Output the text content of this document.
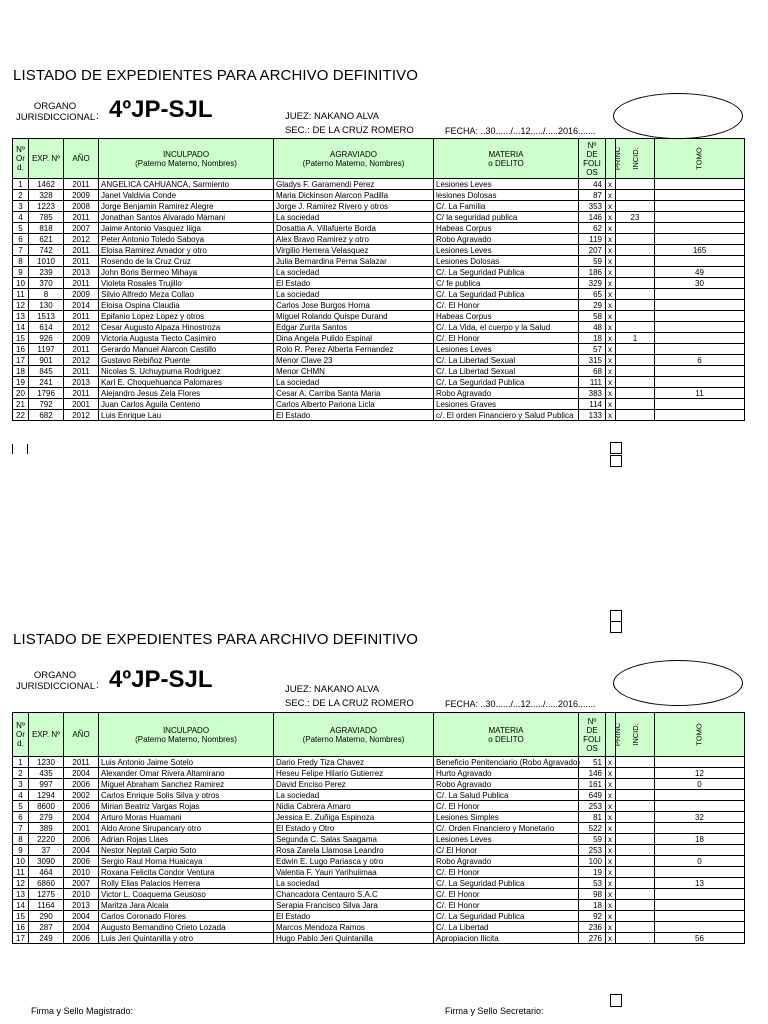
LISTADO DE EXPEDIENTES PARA ARCHIVO DEFINITIVO
ORGANO
JURISDICCIONAL : 4ºJP-SJL	JUEZ: NAKANO ALVA
SEC.: DE LA CRUZ ROMERO	FECHA: ..30....../...12...../.....2016.......
Nº
Or
d.	EXP. Nº	AÑO	INCULPADO
(Paterno Materno, Nombres)	AGRAVIADO
(Paterno Materno, Nombres)	MATERIA
o DELITO	Nº
DE
FOLI
OS	PRINC	INCID.	TOMO
1	1462	2011	ANGELICA CAHUANCA, Sarmiento	Gladys F. Garamendi Perez	Lesiones Leves	44	x		
2	328	2009	Janet Valdivia Conde	Maria Dickinson Alarcon Padilla	lesiones Dolosas	87	x		
3	1223	2008	Jorge Benjamin Ramirez Alegre	Jorge J. Ramirez Rivero y otros	C/. La Familia	353	x		
4	785	2011	Jonathan Santos Alvarado Mamani	La sociedad	C/ la seguridad publica	146	x	23	
5	818	2007	Jaime Antonio Vasquez Iiiga	Dosattia A. Villafuerte Borda	Habeas Corpus	62	x		
6	621	2012	Peter Antonio Toledo Saboya	Alex Bravo Ramirez y otro	Robo Agravado	119	x		
7	742	2011	Eloisa Ramirez Amador y otro	Virgilio Herrera Velasquez	Lesiones Leves	207	x		165
8	1010	2011	Rosendo de la Cruz Cruz	Julia Bernardina Perna Salazar	Lesiones Dolosas	59	x		
9	239	2013	John Boris Bermeo Mihaya	La sociedad	C/. La Seguridad Publica	186	x		49
10	370	2011	Violeta Rosales Trujillo	El Estado	C/ fe publica	329	x		30
11	8	2009	Silvio Alfredo Meza Collao	La sociedad	C/. La Seguridad Publica	65	x		
12	130	2014	Eloisa Ospina Claudia	Carlos Jose Burgos Horna	C/. El Honor	29	x		
13	1513	2011	Epifanio Lopez Lopez y otros	Miguel Rolando Quispe Durand	Habeas Corpus	58	x		
14	614	2012	Cesar Augusto Alpaza Hinostroza	Edgar Zurita Santos	C/. La Vida, el cuerpo y la Salud	48	x		
15	926	2009	Victoria Augusta Tiecto Casimiro	Dina Angela Pulido Espinal	C/. El Honor	18	x	1	
16	1197	2011	Gerardo Manuel Alarcon Castillo	Rolo R. Perez Alberta Fernandez	Lesiones Leves	57	x		
17	901	2012	Gustavo Rebiñoz Puente	Menor Clave 23	C/. La Libertad Sexual	315	x		6
18	845	2011	Nicolas S. Uchuypuma Rodriguez	Menor CHMN	C/. La Libertad Sexual	68	x		
19	241	2013	Karl E. Choquehuanca Palomares	La sociedad	C/. La Seguridad Publica	111	x		
20	1796	2011	Alejandro Jesus Zela Flores	Cesar A. Carriba Santa Maria	Robo Agravado	383	x		11
21	792	2001	Juan Carlos Aguila Centeno	Carlos Alberto Pariona Licla	Lesiones Graves	114	x		
22	682	2012	Luis Enrique Lau	El Estado	c/. El orden Financiero y Salud Publica	133	x		
LISTADO DE EXPEDIENTES PARA ARCHIVO DEFINITIVO
ORGANO
JURISDICCIONAL : 4ºJP-SJL	JUEZ: NAKANO ALVA
SEC.: DE LA CRUZ ROMERO	FECHA: ..30....../...12...../.....2016.......
Nº
Or
d.	EXP. Nº	AÑO	INCULPADO
(Paterno Materno, Nombres)	AGRAVIADO
(Paterno Materno, Nombres)	MATERIA
o DELITO	Nº
DE
FOLI
OS	PRINC	INCID.	TOMO
1	1230	2011	Luis Antonio Jaime Sotelo	Dario Fredy Tiza Chavez	Beneficio Penitenciario (Robo Agravado)	51	x		
2	435	2004	Alexander Omar Rivera Altamirano	Heseu Felipe Hilario Gutierrez	Hurto Agravado	146	x		12
3	997	2006	Miguel Abraham Sanchez Ramirez	David Enciso Perez	Robo Agravado	161	x		0
4	1294	2002	Carlos Enrique Solis Silva y otros	La sociedad	C/. La Salud Publica	649	x		
5	8600	2006	Mirian Beatriz Vargas Rojas	Nidia Cabrera Amaro	C/. El Honor	253	x		
6	279	2004	Arturo Moras Huamani	Jessica E. Zuñiga Espinoza	Lesiones Simples	81	x		32
7	389	2001	Aldo Arone Sirupancary otro	El Estado y Otro	C/. Orden Financiero y Monetario	522	x		
8	2220	2006	Adrian Rojas Llaes	Segunda C. Salas Saagama	Lesiones Leves	59	x		18
9	37	2004	Nestor Neptali Carpio Soto	Rosa Zarela Llamosa Leandro	C/ El Honor	253	x		
10	3090	2006	Sergio Raul Horna Huaicaya	Edwin E. Lugo Pariasca y otro	Robo Agravado	100	x		0
11	464	2010	Roxana Felicita Condor Ventura	Valentia F. Yauri Yarihuiimaa	C/. El Honor	19	x		
12	6860	2007	Rolly Elias Palacios Herrera	La sociedad	C/. La Seguridad Publica	53	x		13
13	1275	2010	Victor L. Coaquema Geusoso	Chancadora Centauro S.A.C	C/. El Honor	98	x		
14	1164	2013	Maritza Jara Alcala	Serapia Francisco Silva Jara	C/. El Honor	18	x		
15	290	2004	Carlos Coronado Flores	El Estado	C/. La Seguridad Publica	92	x		
16	287	2004	Augusto Bernandino Crieto Lozada	Marcos Mendoza Ramos	C/. La Libertad	236	x		
17	249	2006	Luis Jeri Quintanilla y otro	Hugo Pablo Jeri Quintanilla	Apropiacion Ilicita	276	x		56
Firma y Sello Magistrado:	Firma y Sello Secretario:
